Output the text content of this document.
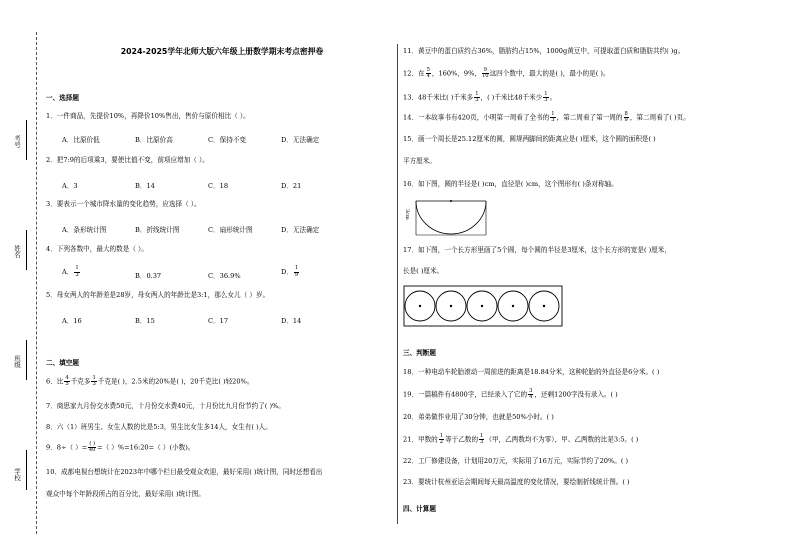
考号
姓名
班级
学校
2024-2025学年北师大版六年级上册数学期末考点密押卷
一、选择题
1．一件商品，先提价10%，再降价10%售出，售价与原价相比（ ）。
A．比原价低	B．比原价高	C．保持不变	D．无法确定
2．把7:9的后项乘3，要使比值不变，前项应增加（ ）。
A．3	B．14	C．18	D．21
3．要表示一个城市降水量的变化趋势，应选择（ ）。
A．条形统计图	B．折线统计图	C．扇形统计图	D．无法确定
4．下列各数中，最大的数是（ ）。
A． $\frac{1}{3}$	B．0.37	C．36.9%	D． $\frac{1}{9}$
5．母女两人的年龄差是28岁，母女两人的年龄比是3:1，那么女儿（ ）岁。
A．16	B．15	C．17	D．14
二、填空题
6．比 $\frac{4}{5}$ 千克多 $\frac{1}{3}$ 千克是( )，2.5米的20%是( )，20千克比( )轻20%。
7．商思家九月份交水费50元，十月份交水费40元，十月份比九月份节约了( )%。
8．六（1）班男生、女生人数的比是5:3，男生比女生多14人，女生有( )人。
9．8÷（ ）= $\frac{( )}{40}$ =（ ）%=16:20=（ ）(小数)。
10．成都电视台想统计在2023年中哪个栏目最受观众欢迎，最好采用( )统计图，同时还想看出
观众中每个年龄段所占的百分比，最好采用( )统计图。
11．黄豆中的蛋白质约占36%，脂肪约占15%，1000g黄豆中，可提取蛋白质和脂肪共约( )g。
12．在 $\frac{5}{4}$ ，160%，9%， $\frac{9}{10}$ 这四个数中，最大的是( )，最小的是( )。
13．48千米比( )千米多 $\frac{1}{3}$ ，( )千米比48千米少 $\frac{1}{3}$ 。
14．一本故事书有420页，小明第一周看了全书的 $\frac{1}{3}$ ，第二周看了第一周的 $\frac{8}{9}$ ，第二周看了( )页。
15．画一个周长是25.12厘米的圆，圆规两脚间的距离应是( )厘米，这个圆的面积是( )
平方厘米。
16．如下图，圆的半径是( )cm，直径是( )cm，这个图形有( )条对称轴。
3cm
17．如下图，一个长方形里画了5个圆，每个圆的半径是3厘米，这个长方形的宽是( )厘米，
长是( )厘米。
三、判断题
18．一种电动车轮胎滚动一周前进的距离是18.84分米，这种轮胎的外直径是6分米。( )
19．一篇稿件有4800字，已经录入了它的 $\frac{3}{4}$ ，还剩1200字没有录入。( )
20．弟弟做作业用了30分钟，也就是50%小时。( )
21．甲数的 $\frac{1}{2}$ 等于乙数的 $\frac{1}{3}$ （甲，乙两数均不为零），甲、乙两数的比是3:5。( )
22．工厂修建设备，计划用20万元，实际用了16万元，实际节约了20%。( )
23．要统计杭州亚运会期间每天最高温度的变化情况，要绘制折线统计图。( )
四、计算题
